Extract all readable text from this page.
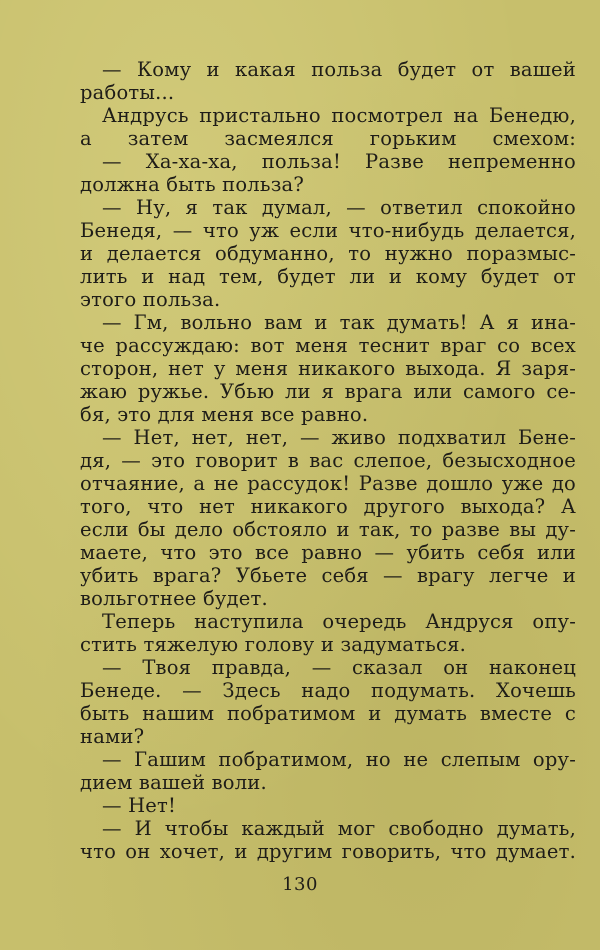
— Кому и какая польза будет от вашей
работы...
Андрусь пристально посмотрел на Бенедю,
а затем засмеялся горьким смехом:
— Ха-ха-ха, польза! Разве непременно
должна быть польза?
— Ну, я так думал, — ответил спокойно
Бенедя, — что уж если что-нибудь делается,
и делается обдуманно, то нужно поразмыс-
лить и над тем, будет ли и кому будет от
этого польза.
— Гм, вольно вам и так думать! А я ина-
че рассуждаю: вот меня теснит враг со всех
сторон, нет у меня никакого выхода. Я заря-
жаю ружье. Убью ли я врага или самого се-
бя, это для меня все равно.
— Нет, нет, нет, — живо подхватил Бене-
дя, — это говорит в вас слепое, безысходное
отчаяние, а не рассудок! Разве дошло уже до
того, что нет никакого другого выхода? А
если бы дело обстояло и так, то разве вы ду-
маете, что это все равно — убить себя или
убить врага? Убьете себя — врагу легче и
вольготнее будет.
Теперь наступила очередь Андруся опу-
стить тяжелую голову и задуматься.
— Твоя правда, — сказал он наконец
Бенеде. — Здесь надо подумать. Хочешь
быть нашим побратимом и думать вместе с
нами?
— Гашим побратимом, но не слепым ору-
дием вашей воли.
— Нет!
— И чтобы каждый мог свободно думать,
что он хочет, и другим говорить, что думает.
130
